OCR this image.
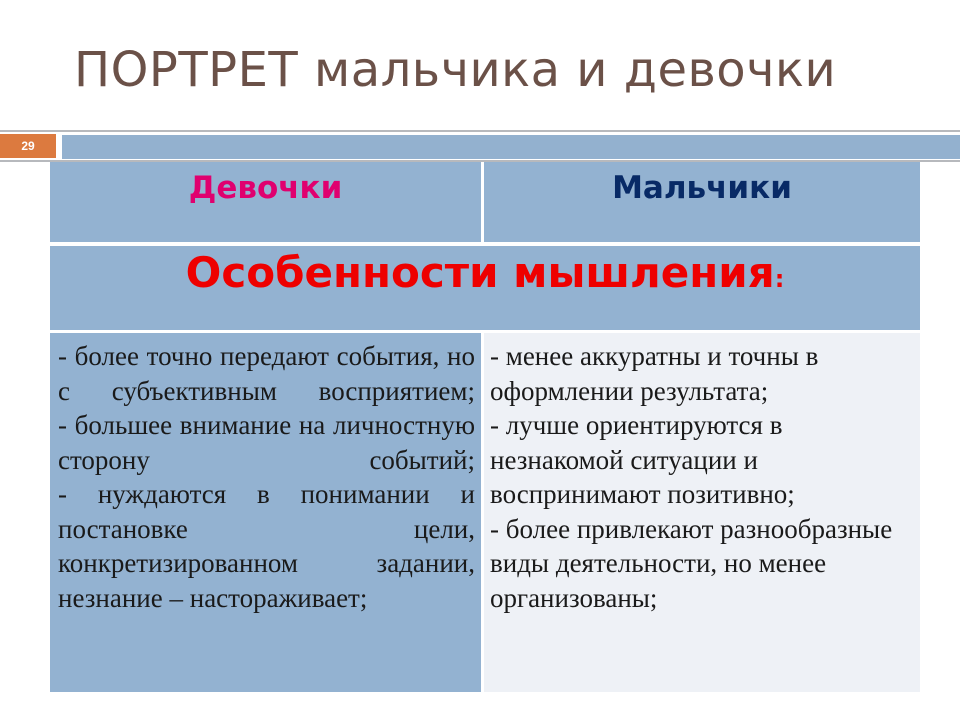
ПОРТРЕТ мальчика и девочки
29
Девочки	Мальчики
Особенности мышления:

- более точно передают события, но с субъективным восприятием;

- большее внимание на личностную сторону событий;

- нуждаются в понимании и постановке цели, конкретизированном задании, незнание – настораживает;

- менее аккуратны и точны в оформлении результата;

- лучше ориентируются в незнакомой ситуации и воспринимают позитивно;

- более привлекают разнообразные виды деятельности, но менее организованы;
